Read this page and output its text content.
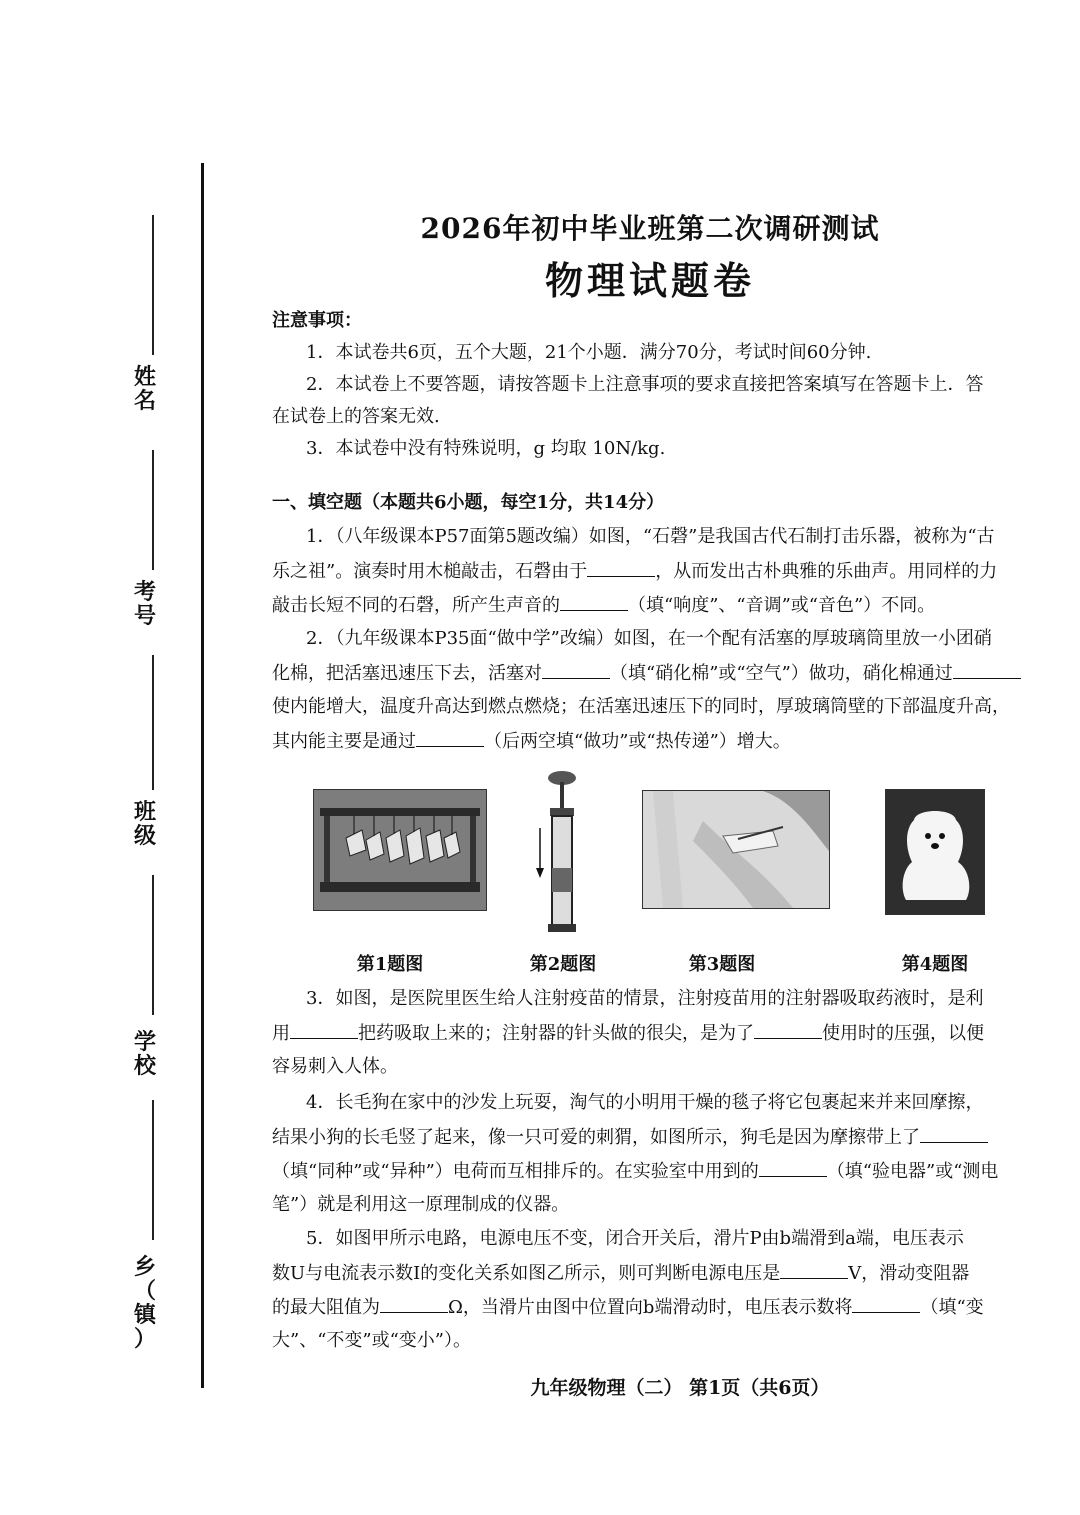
姓
名
考
号
班
级
学
校
乡
（
镇
）
2026年初中毕业班第二次调研测试
物理试题卷
注意事项：
1．本试卷共6页，五个大题，21个小题．满分70分，考试时间60分钟.
2．本试卷上不要答题，请按答题卡上注意事项的要求直接把答案填写在答题卡上．答
在试卷上的答案无效.
3．本试卷中没有特殊说明，g 均取 10N/kg.
一、填空题（本题共6小题，每空1分，共14分）
1．（八年级课本P57面第5题改编）如图，“石磬”是我国古代石制打击乐器，被称为“古
乐之祖”。演奏时用木槌敲击，石磬由于	，从而发出古朴典雅的乐曲声。用同样的力
敲击长短不同的石磬，所产生声音的	（填“响度”、“音调”或“音色”）不同。
2．（九年级课本P35面“做中学”改编）如图，在一个配有活塞的厚玻璃筒里放一小团硝
化棉，把活塞迅速压下去，活塞对	（填“硝化棉”或“空气”）做功，硝化棉通过
使内能增大，温度升高达到燃点燃烧；在活塞迅速压下的同时，厚玻璃筒壁的下部温度升高，
其内能主要是通过	（后两空填“做功”或“热传递”）增大。
第1题图	第2题图	第3题图	第4题图
3．如图，是医院里医生给人注射疫苗的情景，注射疫苗用的注射器吸取药液时，是利
用	把药吸取上来的；注射器的针头做的很尖，是为了	使用时的压强，以便
容易刺入人体。
4．长毛狗在家中的沙发上玩耍，淘气的小明用干燥的毯子将它包裹起来并来回摩擦，
结果小狗的长毛竖了起来，像一只可爱的刺猬，如图所示，狗毛是因为摩擦带上了
（填“同种”或“异种”）电荷而互相排斥的。在实验室中用到的	（填“验电器”或“测电
笔”）就是利用这一原理制成的仪器。
5．如图甲所示电路，电源电压不变，闭合开关后，滑片P由b端滑到a端，电压表示
数U与电流表示数I的变化关系如图乙所示，则可判断电源电压是	V，滑动变阻器
的最大阻值为	Ω，当滑片由图中位置向b端滑动时，电压表示数将	（填“变
大”、“不变”或“变小”）。
九年级物理（二） 第1页（共6页）
